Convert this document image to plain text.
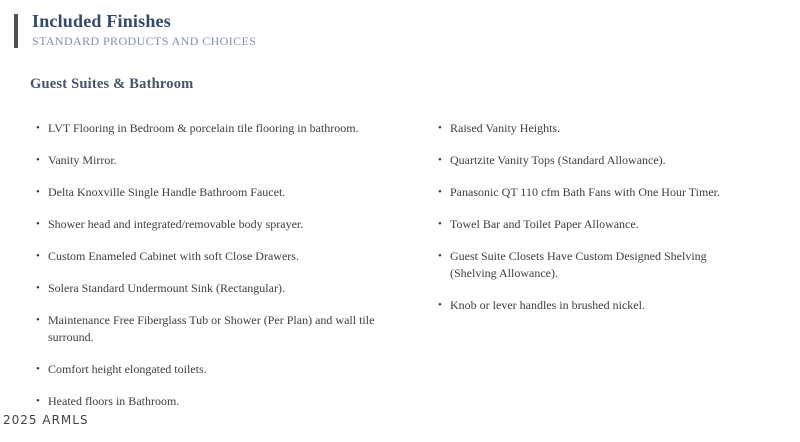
Included Finishes
STANDARD PRODUCTS AND CHOICES
Guest Suites & Bathroom
• LVT Flooring in Bedroom & porcelain tile flooring in bathroom.
• Vanity Mirror.
• Delta Knoxville Single Handle Bathroom Faucet.
• Shower head and integrated/removable body sprayer.
• Custom Enameled Cabinet with soft Close Drawers.
• Solera Standard Undermount Sink (Rectangular).
• Maintenance Free Fiberglass Tub or Shower (Per Plan) and wall tile surround.
• Comfort height elongated toilets.
• Heated floors in Bathroom.
• Raised Vanity Heights.
• Quartzite Vanity Tops (Standard Allowance).
• Panasonic QT 110 cfm Bath Fans with One Hour Timer.
• Towel Bar and Toilet Paper Allowance.
• Guest Suite Closets Have Custom Designed Shelving (Shelving Allowance).
• Knob or lever handles in brushed nickel.
2025 ARMLS
